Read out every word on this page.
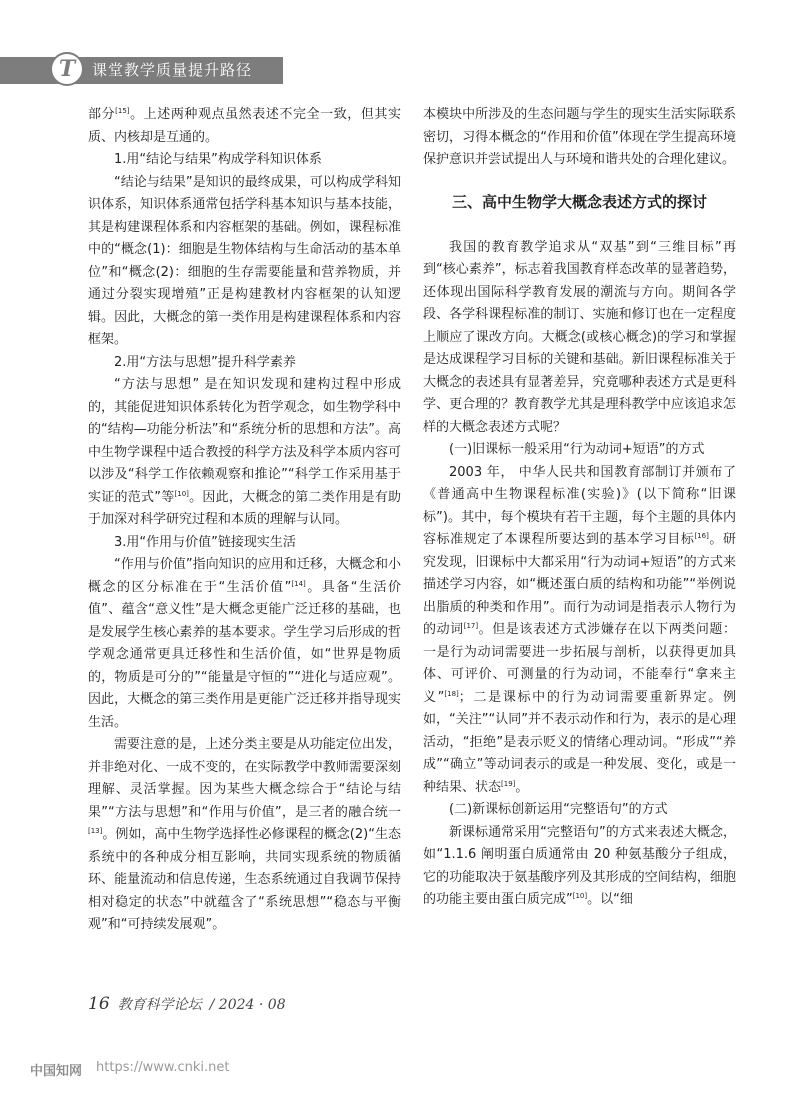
T 课堂教学质量提升路径

部分[15]。上述两种观点虽然表述不完全一致，但其实质、内核却是互通的。

1.用“结论与结果”构成学科知识体系

“结论与结果”是知识的最终成果，可以构成学科知识体系，知识体系通常包括学科基本知识与基本技能，其是构建课程体系和内容框架的基础。例如，课程标准中的“概念(1)：细胞是生物体结构与生命活动的基本单位”和“概念(2)：细胞的生存需要能量和营养物质，并通过分裂实现增殖”正是构建教材内容框架的认知逻辑。因此，大概念的第一类作用是构建课程体系和内容框架。

2.用“方法与思想”提升科学素养

“方法与思想” 是在知识发现和建构过程中形成的，其能促进知识体系转化为哲学观念，如生物学科中的“结构—功能分析法”和“系统分析的思想和方法”。高中生物学课程中适合教授的科学方法及科学本质内容可以涉及“科学工作依赖观察和推论”“科学工作采用基于实证的范式”等[10]。因此，大概念的第二类作用是有助于加深对科学研究过程和本质的理解与认同。

3.用“作用与价值”链接现实生活

“作用与价值”指向知识的应用和迁移，大概念和小概念的区分标准在于“生活价值”[14]。具备“生活价值”、蕴含“意义性”是大概念更能广泛迁移的基础，也是发展学生核心素养的基本要求。学生学习后形成的哲学观念通常更具迁移性和生活价值，如“世界是物质的，物质是可分的”“能量是守恒的”“进化与适应观”。因此，大概念的第三类作用是更能广泛迁移并指导现实生活。

需要注意的是，上述分类主要是从功能定位出发，并非绝对化、一成不变的，在实际教学中教师需要深刻理解、灵活掌握。因为某些大概念综合于“结论与结果”“方法与思想”和“作用与价值”，是三者的融合统一[13]。例如，高中生物学选择性必修课程的概念(2)“生态系统中的各种成分相互影响，共同实现系统的物质循环、能量流动和信息传递，生态系统通过自我调节保持相对稳定的状态”中就蕴含了“系统思想”“稳态与平衡观”和“可持续发展观”。

本模块中所涉及的生态问题与学生的现实生活实际联系密切，习得本概念的“作用和价值”体现在学生提高环境保护意识并尝试提出人与环境和谐共处的合理化建议。

三、高中生物学大概念表述方式的探讨

我国的教育教学追求从“双基”到“三维目标”再到“核心素养”，标志着我国教育样态改革的显著趋势，还体现出国际科学教育发展的潮流与方向。期间各学段、各学科课程标准的制订、实施和修订也在一定程度上顺应了课改方向。大概念(或核心概念)的学习和掌握是达成课程学习目标的关键和基础。新旧课程标准关于大概念的表述具有显著差异，究竟哪种表述方式是更科学、更合理的？教育教学尤其是理科教学中应该追求怎样的大概念表述方式呢？

(一)旧课标一般采用“行为动词+短语”的方式

2003 年， 中华人民共和国教育部制订并颁布了《普通高中生物课程标准(实验)》(以下简称“旧课标”)。其中，每个模块有若干主题，每个主题的具体内容标准规定了本课程所要达到的基本学习目标[16]。研究发现，旧课标中大都采用“行为动词+短语”的方式来描述学习内容，如“概述蛋白质的结构和功能”“举例说出脂质的种类和作用”。而行为动词是指表示人物行为的动词[17]。但是该表述方式涉嫌存在以下两类问题：一是行为动词需要进一步拓展与剖析，以获得更加具体、可评价、可测量的行为动词，不能奉行“拿来主义”[18]；二是课标中的行为动词需要重新界定。例如，“关注”“认同”并不表示动作和行为，表示的是心理活动，“拒绝”是表示贬义的情绪心理动词。“形成”“养成”“确立”等动词表示的或是一种发展、变化，或是一种结果、状态[19]。

(二)新课标创新运用“完整语句”的方式

新课标通常采用“完整语句”的方式来表述大概念，如“1.1.6 阐明蛋白质通常由 20 种氨基酸分子组成，它的功能取决于氨基酸序列及其形成的空间结构，细胞的功能主要由蛋白质完成”[10]。以“细

16 教育科学论坛 / 2024 · 08
中国知网 https://www.cnki.net
